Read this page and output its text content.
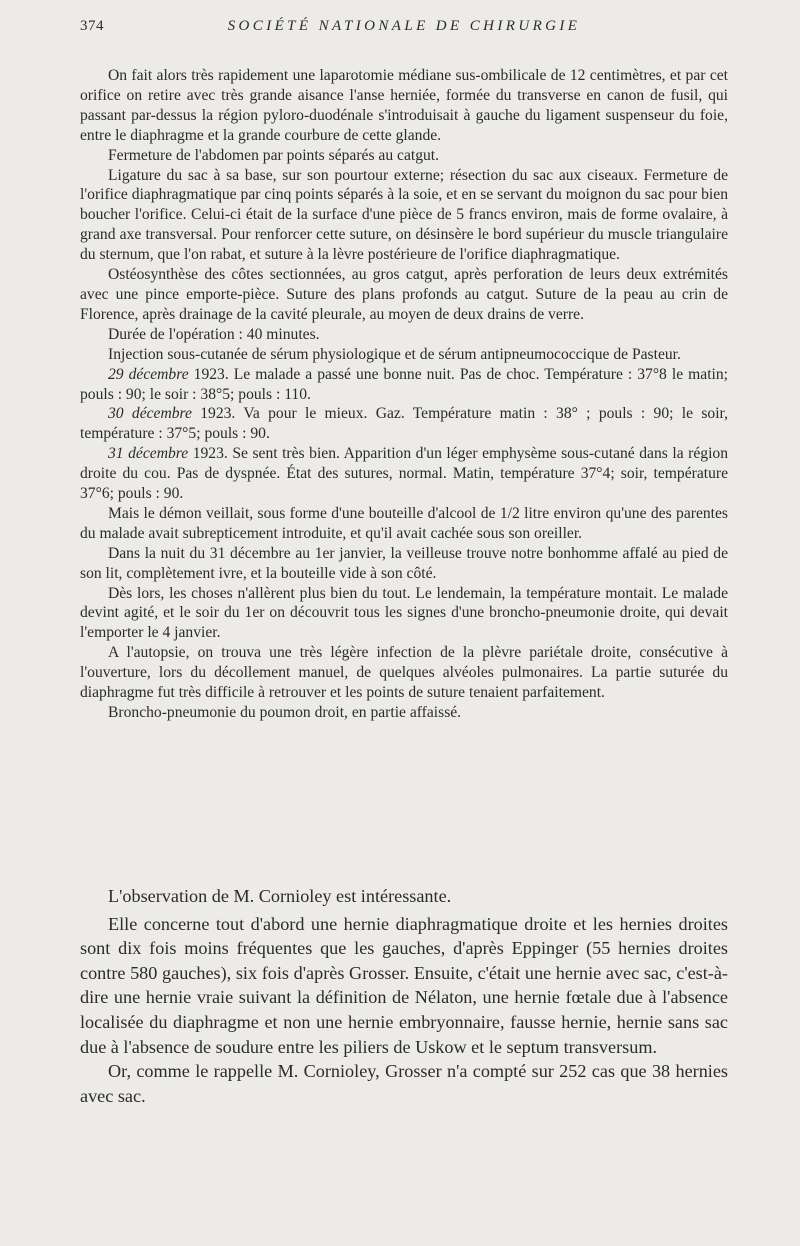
374	SOCIÉTÉ NATIONALE DE CHIRURGIE

On fait alors très rapidement une laparotomie médiane sus-ombilicale de 12 centimètres, et par cet orifice on retire avec très grande aisance l'anse herniée, formée du transverse en canon de fusil, qui passant par-dessus la région pyloro-duodénale s'introduisait à gauche du ligament suspenseur du foie, entre le diaphragme et la grande courbure de cette glande.

Fermeture de l'abdomen par points séparés au catgut.

Ligature du sac à sa base, sur son pourtour externe; résection du sac aux ciseaux. Fermeture de l'orifice diaphragmatique par cinq points séparés à la soie, et en se servant du moignon du sac pour bien boucher l'orifice. Celui-ci était de la surface d'une pièce de 5 francs environ, mais de forme ovalaire, à grand axe transversal. Pour renforcer cette suture, on désinsère le bord supérieur du muscle triangulaire du sternum, que l'on rabat, et suture à la lèvre postérieure de l'orifice diaphragmatique.

Ostéosynthèse des côtes sectionnées, au gros catgut, après perforation de leurs deux extrémités avec une pince emporte-pièce. Suture des plans profonds au catgut. Suture de la peau au crin de Florence, après drainage de la cavité pleurale, au moyen de deux drains de verre.

Durée de l'opération : 40 minutes.

Injection sous-cutanée de sérum physiologique et de sérum antipneumococcique de Pasteur.

29 décembre 1923. Le malade a passé une bonne nuit. Pas de choc. Température : 37°8 le matin; pouls : 90; le soir : 38°5; pouls : 110.

30 décembre 1923. Va pour le mieux. Gaz. Température matin : 38° ; pouls : 90; le soir, température : 37°5; pouls : 90.

31 décembre 1923. Se sent très bien. Apparition d'un léger emphysème sous-cutané dans la région droite du cou. Pas de dyspnée. État des sutures, normal. Matin, température 37°4; soir, température 37°6; pouls : 90.

Mais le démon veillait, sous forme d'une bouteille d'alcool de 1/2 litre environ qu'une des parentes du malade avait subrepticement introduite, et qu'il avait cachée sous son oreiller.

Dans la nuit du 31 décembre au 1er janvier, la veilleuse trouve notre bonhomme affalé au pied de son lit, complètement ivre, et la bouteille vide à son côté.

Dès lors, les choses n'allèrent plus bien du tout. Le lendemain, la température montait. Le malade devint agité, et le soir du 1er on découvrit tous les signes d'une broncho-pneumonie droite, qui devait l'emporter le 4 janvier.

A l'autopsie, on trouva une très légère infection de la plèvre pariétale droite, consécutive à l'ouverture, lors du décollement manuel, de quelques alvéoles pulmonaires. La partie suturée du diaphragme fut très difficile à retrouver et les points de suture tenaient parfaitement.

Broncho-pneumonie du poumon droit, en partie affaissé.

L'observation de M. Cornioley est intéressante.

Elle concerne tout d'abord une hernie diaphragmatique droite et les hernies droites sont dix fois moins fréquentes que les gauches, d'après Eppinger (55 hernies droites contre 580 gauches), six fois d'après Grosser. Ensuite, c'était une hernie avec sac, c'est-à-dire une hernie vraie suivant la définition de Nélaton, une hernie fœtale due à l'absence localisée du diaphragme et non une hernie embryonnaire, fausse hernie, hernie sans sac due à l'absence de soudure entre les piliers de Uskow et le septum transversum.

Or, comme le rappelle M. Cornioley, Grosser n'a compté sur 252 cas que 38 hernies avec sac.
